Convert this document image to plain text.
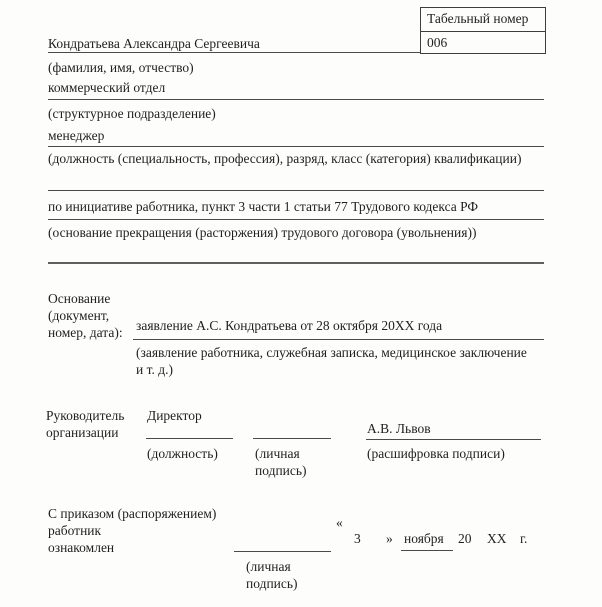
Табельный номер
006
Кондратьева Александра Сергеевича
(фамилия, имя, отчество)
коммерческий отдел
(структурное подразделение)
менеджер
(должность (специальность, профессия), разряд, класс (категория) квалификации)
по инициативе работника, пункт 3 части 1 статьи 77 Трудового кодекса РФ
(основание прекращения (расторжения) трудового договора (увольнения))
Основание
(документ,
номер, дата): заявление А.С. Кондратьева от 28 октября 20XX года
(заявление работника, служебная записка, медицинское заключение
и т. д.)
Руководитель
организации
Директор
А.В. Львов
(должность)	(личная
подпись)
(расшифровка подписи)
С приказом (распоряжением)
работник
ознакомлен
(личная
подпись)
«
3 » ноября 20 XX г.
